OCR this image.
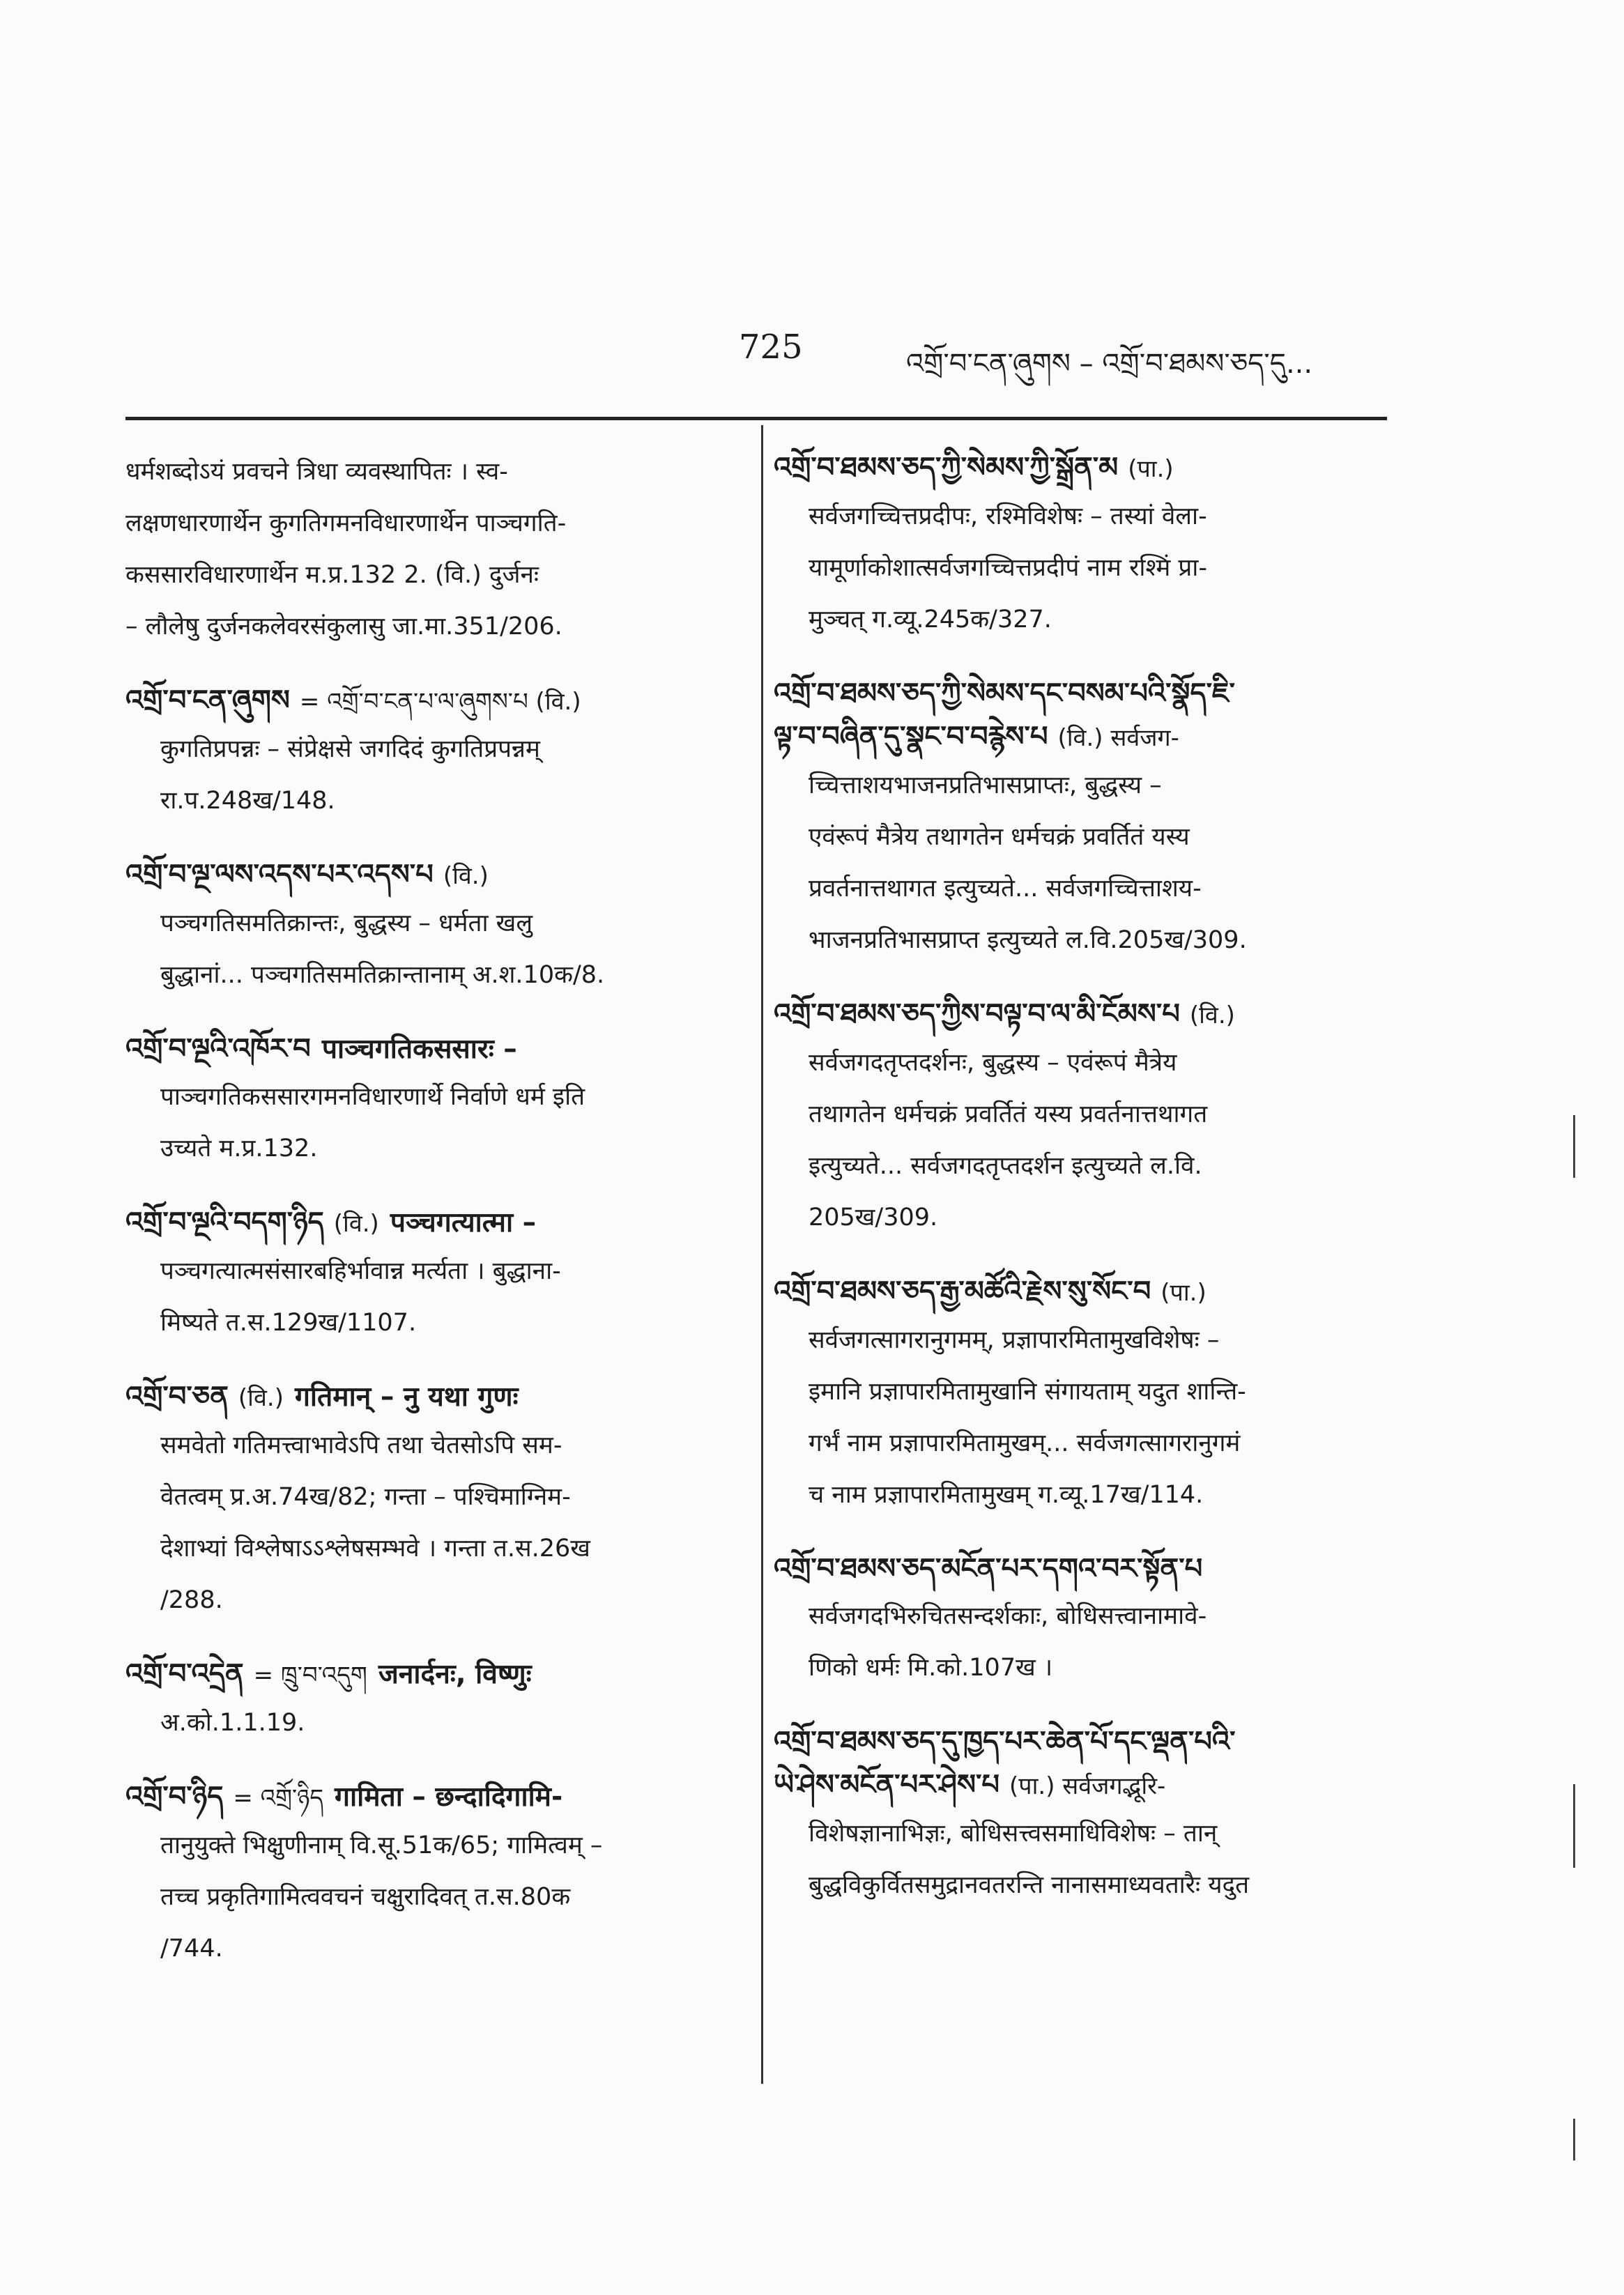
725	འགྲོ་བ་ངན་ཞུགས – འགྲོ་བ་ཐམས་ཅད་དུ...
धर्मशब्दोऽयं प्रवचने त्रिधा व्यवस्थापितः । स्व-
लक्षणधारणार्थेन कुगतिगमनविधारणार्थेन पाञ्चगति-
कससारविधारणार्थेन म.प्र.132 2. (वि.) दुर्जनः
– लौलेषु दुर्जनकलेवरसंकुलासु जा.मा.351/206.
འགྲོ་བ་ངན་ཞུགས = འགྲོ་བ་ངན་པ་ལ་ཞུགས་པ (वि.)
कुगतिप्रपन्नः – संप्रेक्षसे जगदिदं कुगतिप्रपन्नम्
रा.प.248ख/148.
འགྲོ་བ་ལྔ་ལས་འདས་པར་འདས་པ (वि.)
पञ्चगतिसमतिक्रान्तः, बुद्धस्य – धर्मता खलु
बुद्धानां... पञ्चगतिसमतिक्रान्तानाम् अ.श.10क/8.
འགྲོ་བ་ལྔའི་འཁོར་བ पाञ्चगतिकससारः –
पाञ्चगतिकससारगमनविधारणार्थे निर्वाणे धर्म इति
उच्यते म.प्र.132.
འགྲོ་བ་ལྔའི་བདག་ཉིད (वि.) पञ्चगत्यात्मा –
पञ्चगत्यात्मसंसारबहिर्भावान्न मर्त्यता । बुद्धाना-
मिष्यते त.स.129ख/1107.
འགྲོ་བ་ཅན (वि.) गतिमान् – नु यथा गुणः
समवेतो गतिमत्त्वाभावेऽपि तथा चेतसोऽपि सम-
वेतत्वम् प्र.अ.74ख/82; गन्ता – पश्चिमाग्निम-
देशाभ्यां विश्लेषाऽऽश्लेषसम्भवे । गन्ता त.स.26ख
/288.
འགྲོ་བ་འདྲེན = ཁྲུ་བ་འདུག जनार्दनः, विष्णुः
अ.को.1.1.19.
འགྲོ་བ་ཉིད = འགྲོ་ཉིད गामिता – छन्दादिगामि-
तानुयुक्ते भिक्षुणीनाम् वि.सू.51क/65; गामित्वम् –
तच्च प्रकृतिगामित्ववचनं चक्षुरादिवत् त.स.80क
/744.
འགྲོ་བ་ཐམས་ཅད་ཀྱི་སེམས་ཀྱི་སྒྲོན་མ (पा.)
सर्वजगच्चित्तप्रदीपः, रश्मिविशेषः – तस्यां वेला-
यामूर्णाकोशात्सर्वजगच्चित्तप्रदीपं नाम रश्मिं प्रा-
मुञ्चत् ग.व्यू.245क/327.
འགྲོ་བ་ཐམས་ཅད་ཀྱི་སེམས་དང་བསམ་པའི་སྣོད་ཇི་
ལྟ་བ་བཞིན་དུ་སྣང་བ་བརྙེས་པ (वि.) सर्वजग-
च्चित्ताशयभाजनप्रतिभासप्राप्तः, बुद्धस्य –
एवंरूपं मैत्रेय तथागतेन धर्मचक्रं प्रवर्तितं यस्य
प्रवर्तनात्तथागत इत्युच्यते... सर्वजगच्चित्ताशय-
भाजनप्रतिभासप्राप्त इत्युच्यते ल.वि.205ख/309.
འགྲོ་བ་ཐམས་ཅད་ཀྱིས་བལྟ་བ་ལ་མི་ངོམས་པ (वि.)
सर्वजगदतृप्तदर्शनः, बुद्धस्य – एवंरूपं मैत्रेय
तथागतेन धर्मचक्रं प्रवर्तितं यस्य प्रवर्तनात्तथागत
इत्युच्यते... सर्वजगदतृप्तदर्शन इत्युच्यते ल.वि.
205ख/309.
འགྲོ་བ་ཐམས་ཅད་རྒྱ་མཚོའི་རྗེས་སུ་སོང་བ (पा.)
सर्वजगत्सागरानुगमम्, प्रज्ञापारमितामुखविशेषः –
इमानि प्रज्ञापारमितामुखानि संगायताम् यदुत शान्ति-
गर्भं नाम प्रज्ञापारमितामुखम्... सर्वजगत्सागरानुगमं
च नाम प्रज्ञापारमितामुखम् ग.व्यू.17ख/114.
འགྲོ་བ་ཐམས་ཅད་མངོན་པར་དགའ་བར་སྟོན་པ
सर्वजगदभिरुचितसन्दर्शकाः, बोधिसत्त्वानामावे-
णिको धर्मः मि.को.107ख ।
འགྲོ་བ་ཐམས་ཅད་དུ་ཁྱད་པར་ཆེན་པོ་དང་ལྡན་པའི་
ཡེ་ཤེས་མངོན་པར་ཤེས་པ (पा.) सर्वजगद्भूरि-
विशेषज्ञानाभिज्ञः, बोधिसत्त्वसमाधिविशेषः – तान्
बुद्धविकुर्वितसमुद्रानवतरन्ति नानासमाध्यवतारैः यदुत
